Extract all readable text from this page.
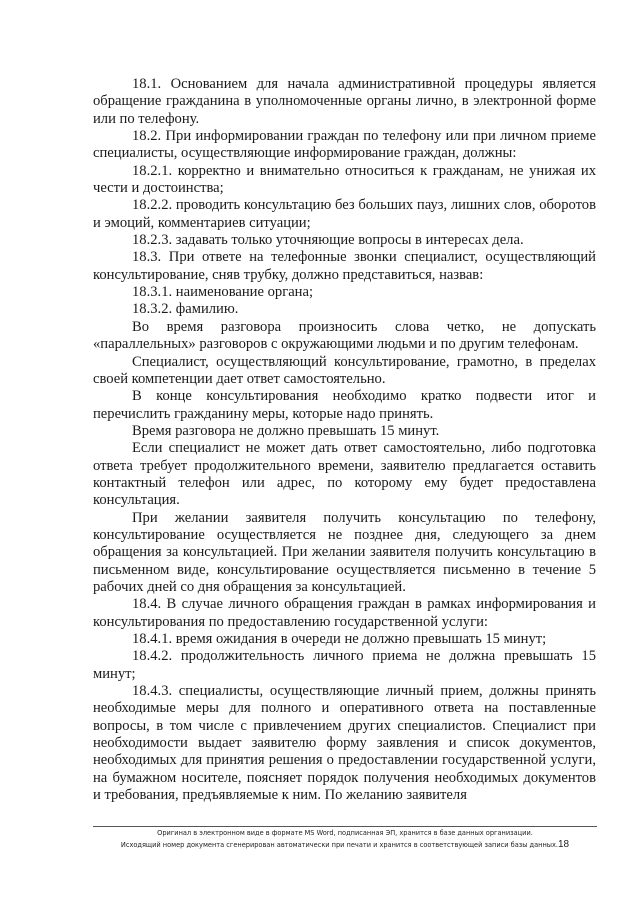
18.1. Основанием для начала административной процедуры является обращение гражданина в уполномоченные органы лично, в электронной форме или по телефону.

18.2. При информировании граждан по телефону или при личном приеме специалисты, осуществляющие информирование граждан, должны:

18.2.1. корректно и внимательно относиться к гражданам, не унижая их чести и достоинства;

18.2.2. проводить консультацию без больших пауз, лишних слов, оборотов и эмоций, комментариев ситуации;

18.2.3. задавать только уточняющие вопросы в интересах дела.

18.3. При ответе на телефонные звонки специалист, осуществляющий консультирование, сняв трубку, должно представиться, назвав:

18.3.1. наименование органа;

18.3.2. фамилию.

Во время разговора произносить слова четко, не допускать «параллельных» разговоров с окружающими людьми и по другим телефонам.

Специалист, осуществляющий консультирование, грамотно, в пределах своей компетенции дает ответ самостоятельно.

В конце консультирования необходимо кратко подвести итог и перечислить гражданину меры, которые надо принять.

Время разговора не должно превышать 15 минут.

Если специалист не может дать ответ самостоятельно, либо подготовка ответа требует продолжительного времени, заявителю предлагается оставить контактный телефон или адрес, по которому ему будет предоставлена консультация.

При желании заявителя получить консультацию по телефону, консультирование осуществляется не позднее дня, следующего за днем обращения за консультацией. При желании заявителя получить консультацию в письменном виде, консультирование осуществляется письменно в течение 5 рабочих дней со дня обращения за консультацией.

18.4. В случае личного обращения граждан в рамках информирования и консультирования по предоставлению государственной услуги:

18.4.1. время ожидания в очереди не должно превышать 15 минут;

18.4.2. продолжительность личного приема не должна превышать 15 минут;

18.4.3. специалисты, осуществляющие личный прием, должны принять необходимые меры для полного и оперативного ответа на поставленные вопросы, в том числе с привлечением других специалистов. Специалист при необходимости выдает заявителю форму заявления и список документов, необходимых для принятия решения о предоставлении государственной услуги, на бумажном носителе, поясняет порядок получения необходимых документов и требования, предъявляемые к ним. По желанию заявителя

Оригинал в электронном виде в формате MS Word, подписанная ЭП, хранится в базе данных организации.
Исходящий номер документа сгенерирован автоматически при печати и хранится в соответствующей записи базы данных.18
